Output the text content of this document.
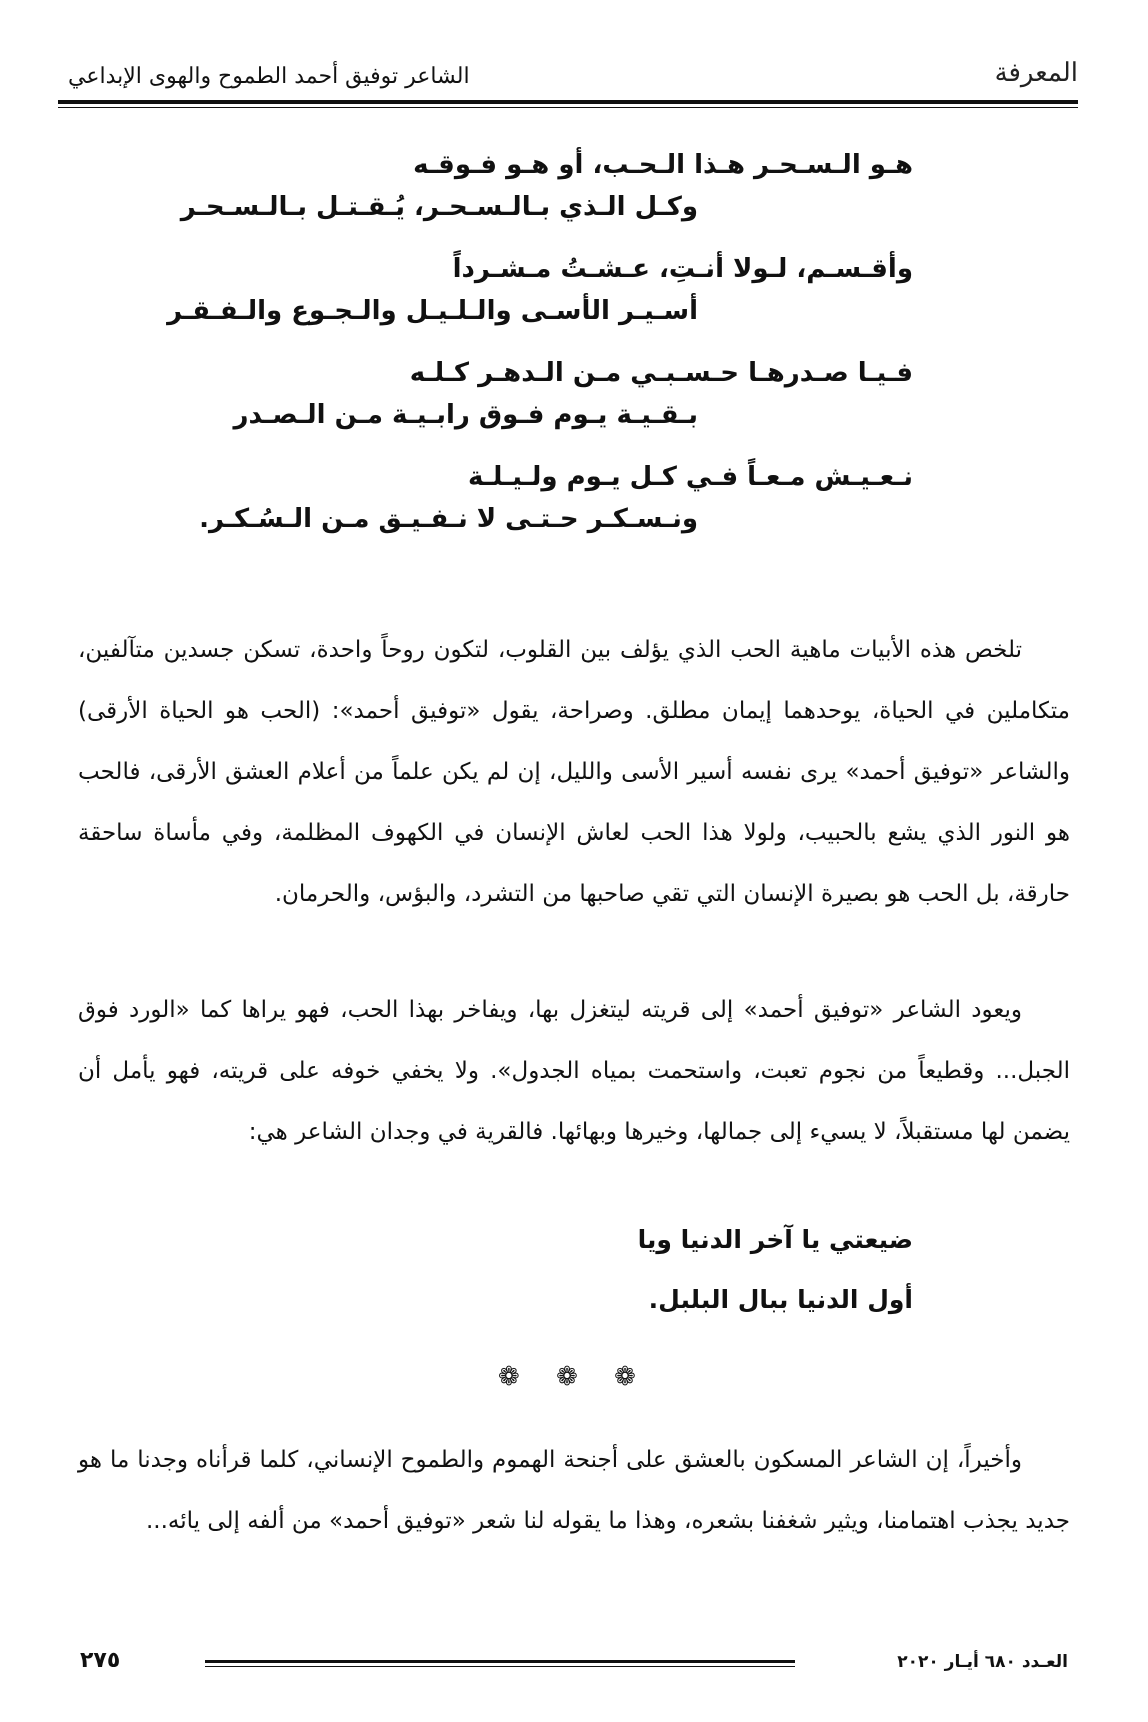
المعرفة
الشاعر توفيق أحمد الطموح والهوى الإبداعي
هـو الـسـحـر هـذا الـحـب، أو هـو فـوقـه
وكـل الـذي بـالـسـحـر، يُـقـتـل بـالـسـحـر
وأقـسـم، لـولا أنـتِ، عـشـتُ مـشـرداً
أسـيـر الأسـى والـلـيـل والـجـوع والـفـقـر
فـيـا صـدرهـا حـسـبـي مـن الـدهـر كـلـه
بـقـيـة يـوم فـوق رابـيـة مـن الـصـدر
نـعـيـش مـعـاً فـي كـل يـوم ولـيـلـة
ونـسـكـر حـتـى لا نـفـيـق مـن الـسُـكـر.

تلخص هذه الأبيات ماهية الحب الذي يؤلف بين القلوب، لتكون روحاً واحدة، تسكن جسدين متآلفين، متكاملين في الحياة، يوحدهما إيمان مطلق. وصراحة، يقول «توفيق أحمد»: (الحب هو الحياة الأرقى) والشاعر «توفيق أحمد» يرى نفسه أسير الأسى والليل، إن لم يكن علماً من أعلام العشق الأرقى، فالحب هو النور الذي يشع بالحبيب، ولولا هذا الحب لعاش الإنسان في الكهوف المظلمة، وفي مأساة ساحقة حارقة، بل الحب هو بصيرة الإنسان التي تقي صاحبها من التشرد، والبؤس، والحرمان.

ويعود الشاعر «توفيق أحمد» إلى قريته ليتغزل بها، ويفاخر بهذا الحب، فهو يراها كما «الورد فوق الجبل... وقطيعاً من نجوم تعبت، واستحمت بمياه الجدول». ولا يخفي خوفه على قريته، فهو يأمل أن يضمن لها مستقبلاً، لا يسيء إلى جمالها، وخيرها وبهائها. فالقرية في وجدان الشاعر هي:

ضيعتي يا آخر الدنيا ويا
أول الدنيا ببال البلبل.
❁ ❁ ❁

وأخيراً، إن الشاعر المسكون بالعشق على أجنحة الهموم والطموح الإنساني، كلما قرأناه وجدنا ما هو جديد يجذب اهتمامنا، ويثير شغفنا بشعره، وهذا ما يقوله لنا شعر «توفيق أحمد» من ألفه إلى يائه...

العـدد ٦٨٠ أيـار ٢٠٢٠
٢٧٥
